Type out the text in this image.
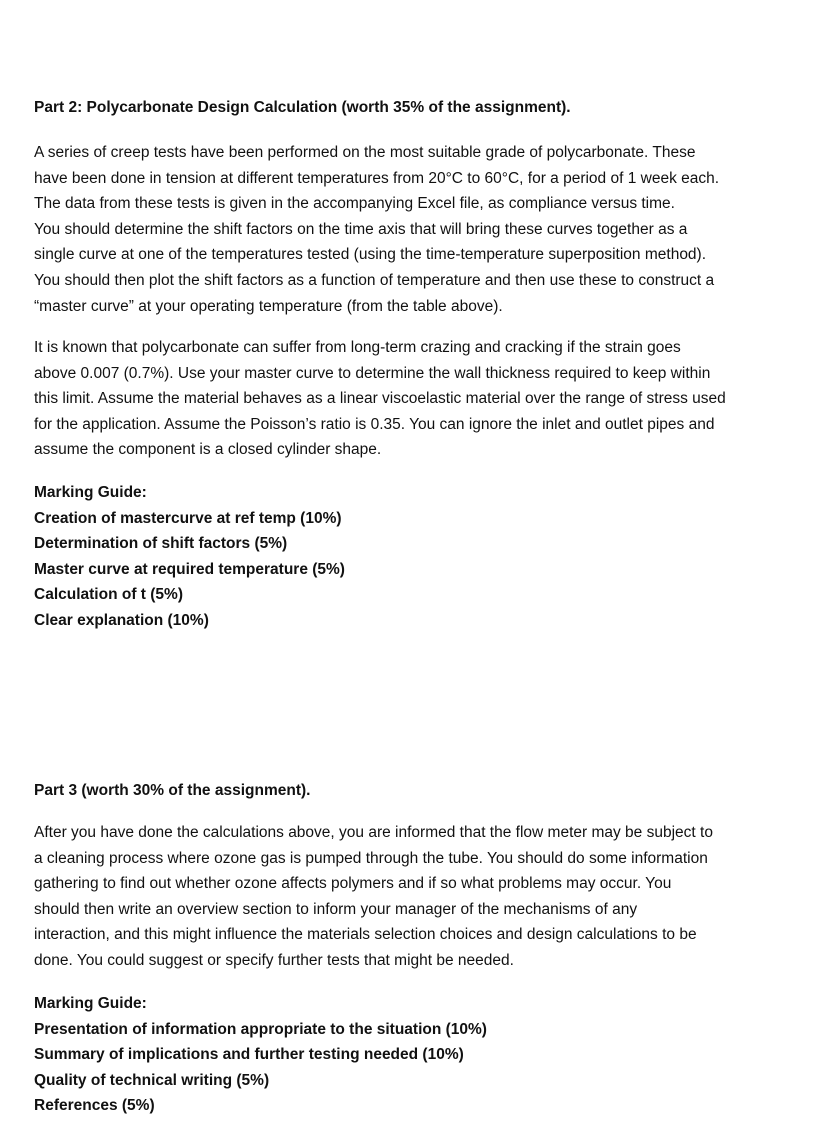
Part 2: Polycarbonate Design Calculation (worth 35% of the assignment).
A series of creep tests have been performed on the most suitable grade of polycarbonate. These
have been done in tension at different temperatures from 20°C to 60°C, for a period of 1 week each.
The data from these tests is given in the accompanying Excel file, as compliance versus time.
You should determine the shift factors on the time axis that will bring these curves together as a
single curve at one of the temperatures tested (using the time-temperature superposition method).
You should then plot the shift factors as a function of temperature and then use these to construct a
“master curve” at your operating temperature (from the table above).
It is known that polycarbonate can suffer from long-term crazing and cracking if the strain goes
above 0.007 (0.7%). Use your master curve to determine the wall thickness required to keep within
this limit. Assume the material behaves as a linear viscoelastic material over the range of stress used
for the application. Assume the Poisson’s ratio is 0.35. You can ignore the inlet and outlet pipes and
assume the component is a closed cylinder shape.
Marking Guide:
Creation of mastercurve at ref temp (10%)
Determination of shift factors (5%)
Master curve at required temperature (5%)
Calculation of t (5%)
Clear explanation (10%)
Part 3 (worth 30% of the assignment).
After you have done the calculations above, you are informed that the flow meter may be subject to
a cleaning process where ozone gas is pumped through the tube. You should do some information
gathering to find out whether ozone affects polymers and if so what problems may occur. You
should then write an overview section to inform your manager of the mechanisms of any
interaction, and this might influence the materials selection choices and design calculations to be
done. You could suggest or specify further tests that might be needed.
Marking Guide:
Presentation of information appropriate to the situation (10%)
Summary of implications and further testing needed (10%)
Quality of technical writing (5%)
References (5%)
